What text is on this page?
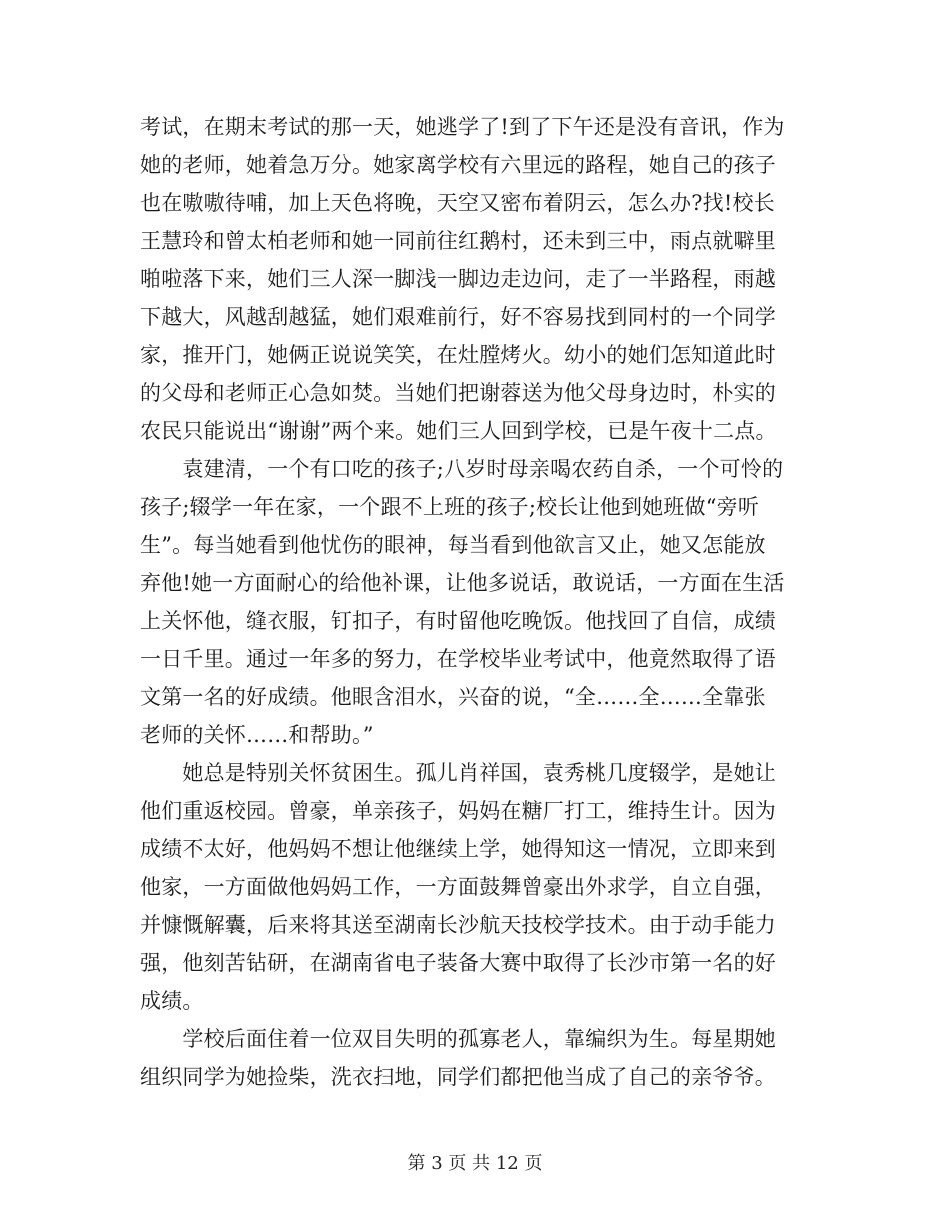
考试，在期末考试的那一天，她逃学了!到了下午还是没有音讯，作为
她的老师，她着急万分。她家离学校有六里远的路程，她自己的孩子
也在嗷嗷待哺，加上天色将晚，天空又密布着阴云，怎么办?找!校长
王慧玲和曾太柏老师和她一同前往红鹅村，还未到三中，雨点就噼里
啪啦落下来，她们三人深一脚浅一脚边走边问，走了一半路程，雨越
下越大，风越刮越猛，她们艰难前行，好不容易找到同村的一个同学
家，推开门，她俩正说说笑笑，在灶膛烤火。幼小的她们怎知道此时
的父母和老师正心急如焚。当她们把谢蓉送为他父母身边时，朴实的
农民只能说出“谢谢”两个来。她们三人回到学校，已是午夜十二点。
　　袁建清，一个有口吃的孩子;八岁时母亲喝农药自杀，一个可怜的
孩子;辍学一年在家，一个跟不上班的孩子;校长让他到她班做“旁听
生”。每当她看到他忧伤的眼神，每当看到他欲言又止，她又怎能放
弃他!她一方面耐心的给他补课，让他多说话，敢说话，一方面在生活
上关怀他，缝衣服，钉扣子，有时留他吃晚饭。他找回了自信，成绩
一日千里。通过一年多的努力，在学校毕业考试中，他竟然取得了语
文第一名的好成绩。他眼含泪水，兴奋的说，“全……全……全靠张
老师的关怀……和帮助。”
　　她总是特别关怀贫困生。孤儿肖祥国，袁秀桃几度辍学，是她让
他们重返校园。曾豪，单亲孩子，妈妈在糖厂打工，维持生计。因为
成绩不太好，他妈妈不想让他继续上学，她得知这一情况，立即来到
他家，一方面做他妈妈工作，一方面鼓舞曾豪出外求学，自立自强，
并慷慨解囊，后来将其送至湖南长沙航天技校学技术。由于动手能力
强，他刻苦钻研，在湖南省电子装备大赛中取得了长沙市第一名的好
成绩。
　　学校后面住着一位双目失明的孤寡老人，靠编织为生。每星期她
组织同学为她捡柴，洗衣扫地，同学们都把他当成了自己的亲爷爷。
第 3 页 共 12 页
